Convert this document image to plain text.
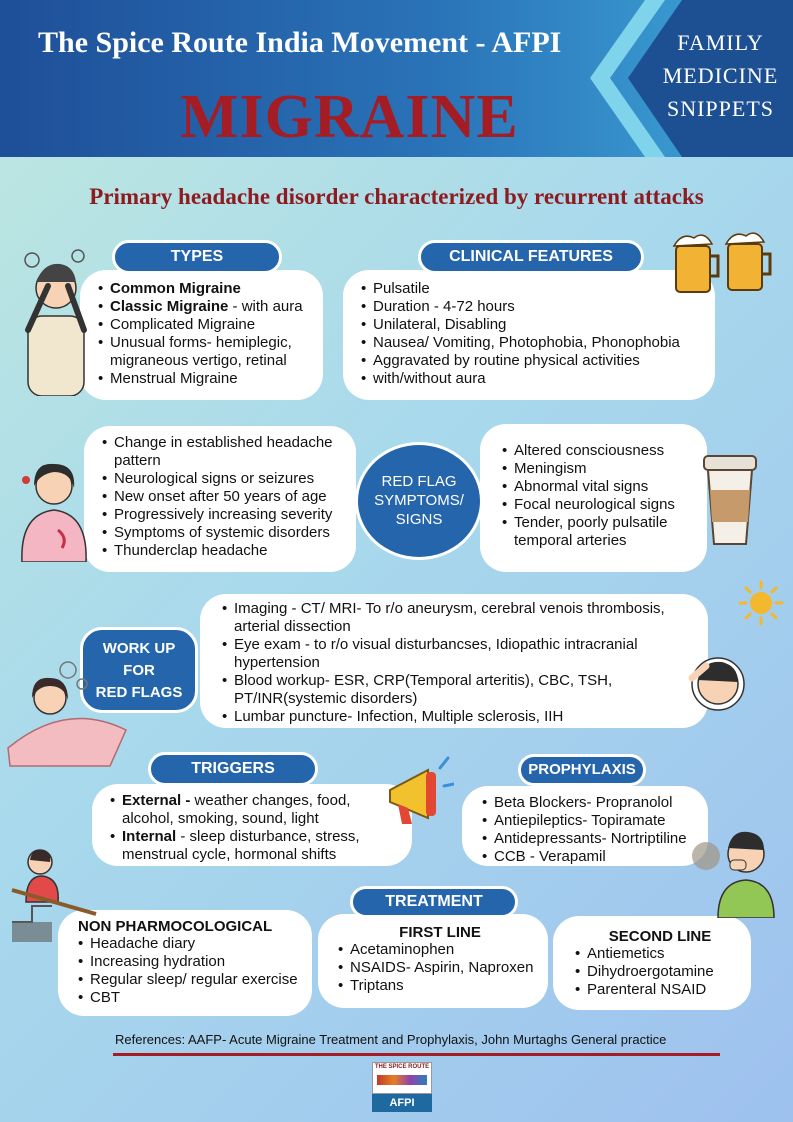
The Spice Route India Movement - AFPI
MIGRAINE
FAMILY
MEDICINE
SNIPPETS
Primary headache disorder characterized by recurrent attacks
• Common Migraine
• Classic Migraine - with aura
• Complicated Migraine
• Unusual forms- hemiplegic, migraneous vertigo, retinal
• Menstrual Migraine
TYPES
• Pulsatile
• Duration - 4-72 hours
• Unilateral, Disabling
• Nausea/ Vomiting, Photophobia, Phonophobia
• Aggravated by routine physical activities
• with/without aura
CLINICAL FEATURES
• Change in established headache pattern
• Neurological signs or seizures
• New onset after 50 years of age
• Progressively increasing severity
• Symptoms of systemic disorders
• Thunderclap headache
• Altered consciousness
• Meningism
• Abnormal vital signs
• Focal neurological signs
• Tender, poorly pulsatile temporal arteries
RED FLAG
SYMPTOMS/
SIGNS
• Imaging - CT/ MRI- To r/o aneurysm, cerebral venois thrombosis, arterial dissection
• Eye exam - to r/o visual disturbancses, Idiopathic intracranial hypertension
• Blood workup- ESR, CRP(Temporal arteritis), CBC, TSH, PT/INR(systemic disorders)
• Lumbar puncture- Infection, Multiple sclerosis, IIH
WORK UP
FOR
RED FLAGS
• External - weather changes, food, alcohol, smoking, sound, light
• Internal - sleep disturbance, stress, menstrual cycle, hormonal shifts
TRIGGERS
• Beta Blockers- Propranolol
• Antiepileptics- Topiramate
• Antidepressants- Nortriptiline
• CCB - Verapamil
PROPHYLAXIS
NON PHARMOCOLOGICAL
• Headache diary
• Increasing hydration
• Regular sleep/ regular exercise
• CBT
FIRST LINE
• Acetaminophen
• NSAIDS- Aspirin, Naproxen
• Triptans
SECOND LINE
• Antiemetics
• Dihydroergotamine
• Parenteral NSAID
TREATMENT
References: AAFP- Acute Migraine Treatment and Prophylaxis, John Murtaghs General practice
THE SPICE ROUTE
AFPI
